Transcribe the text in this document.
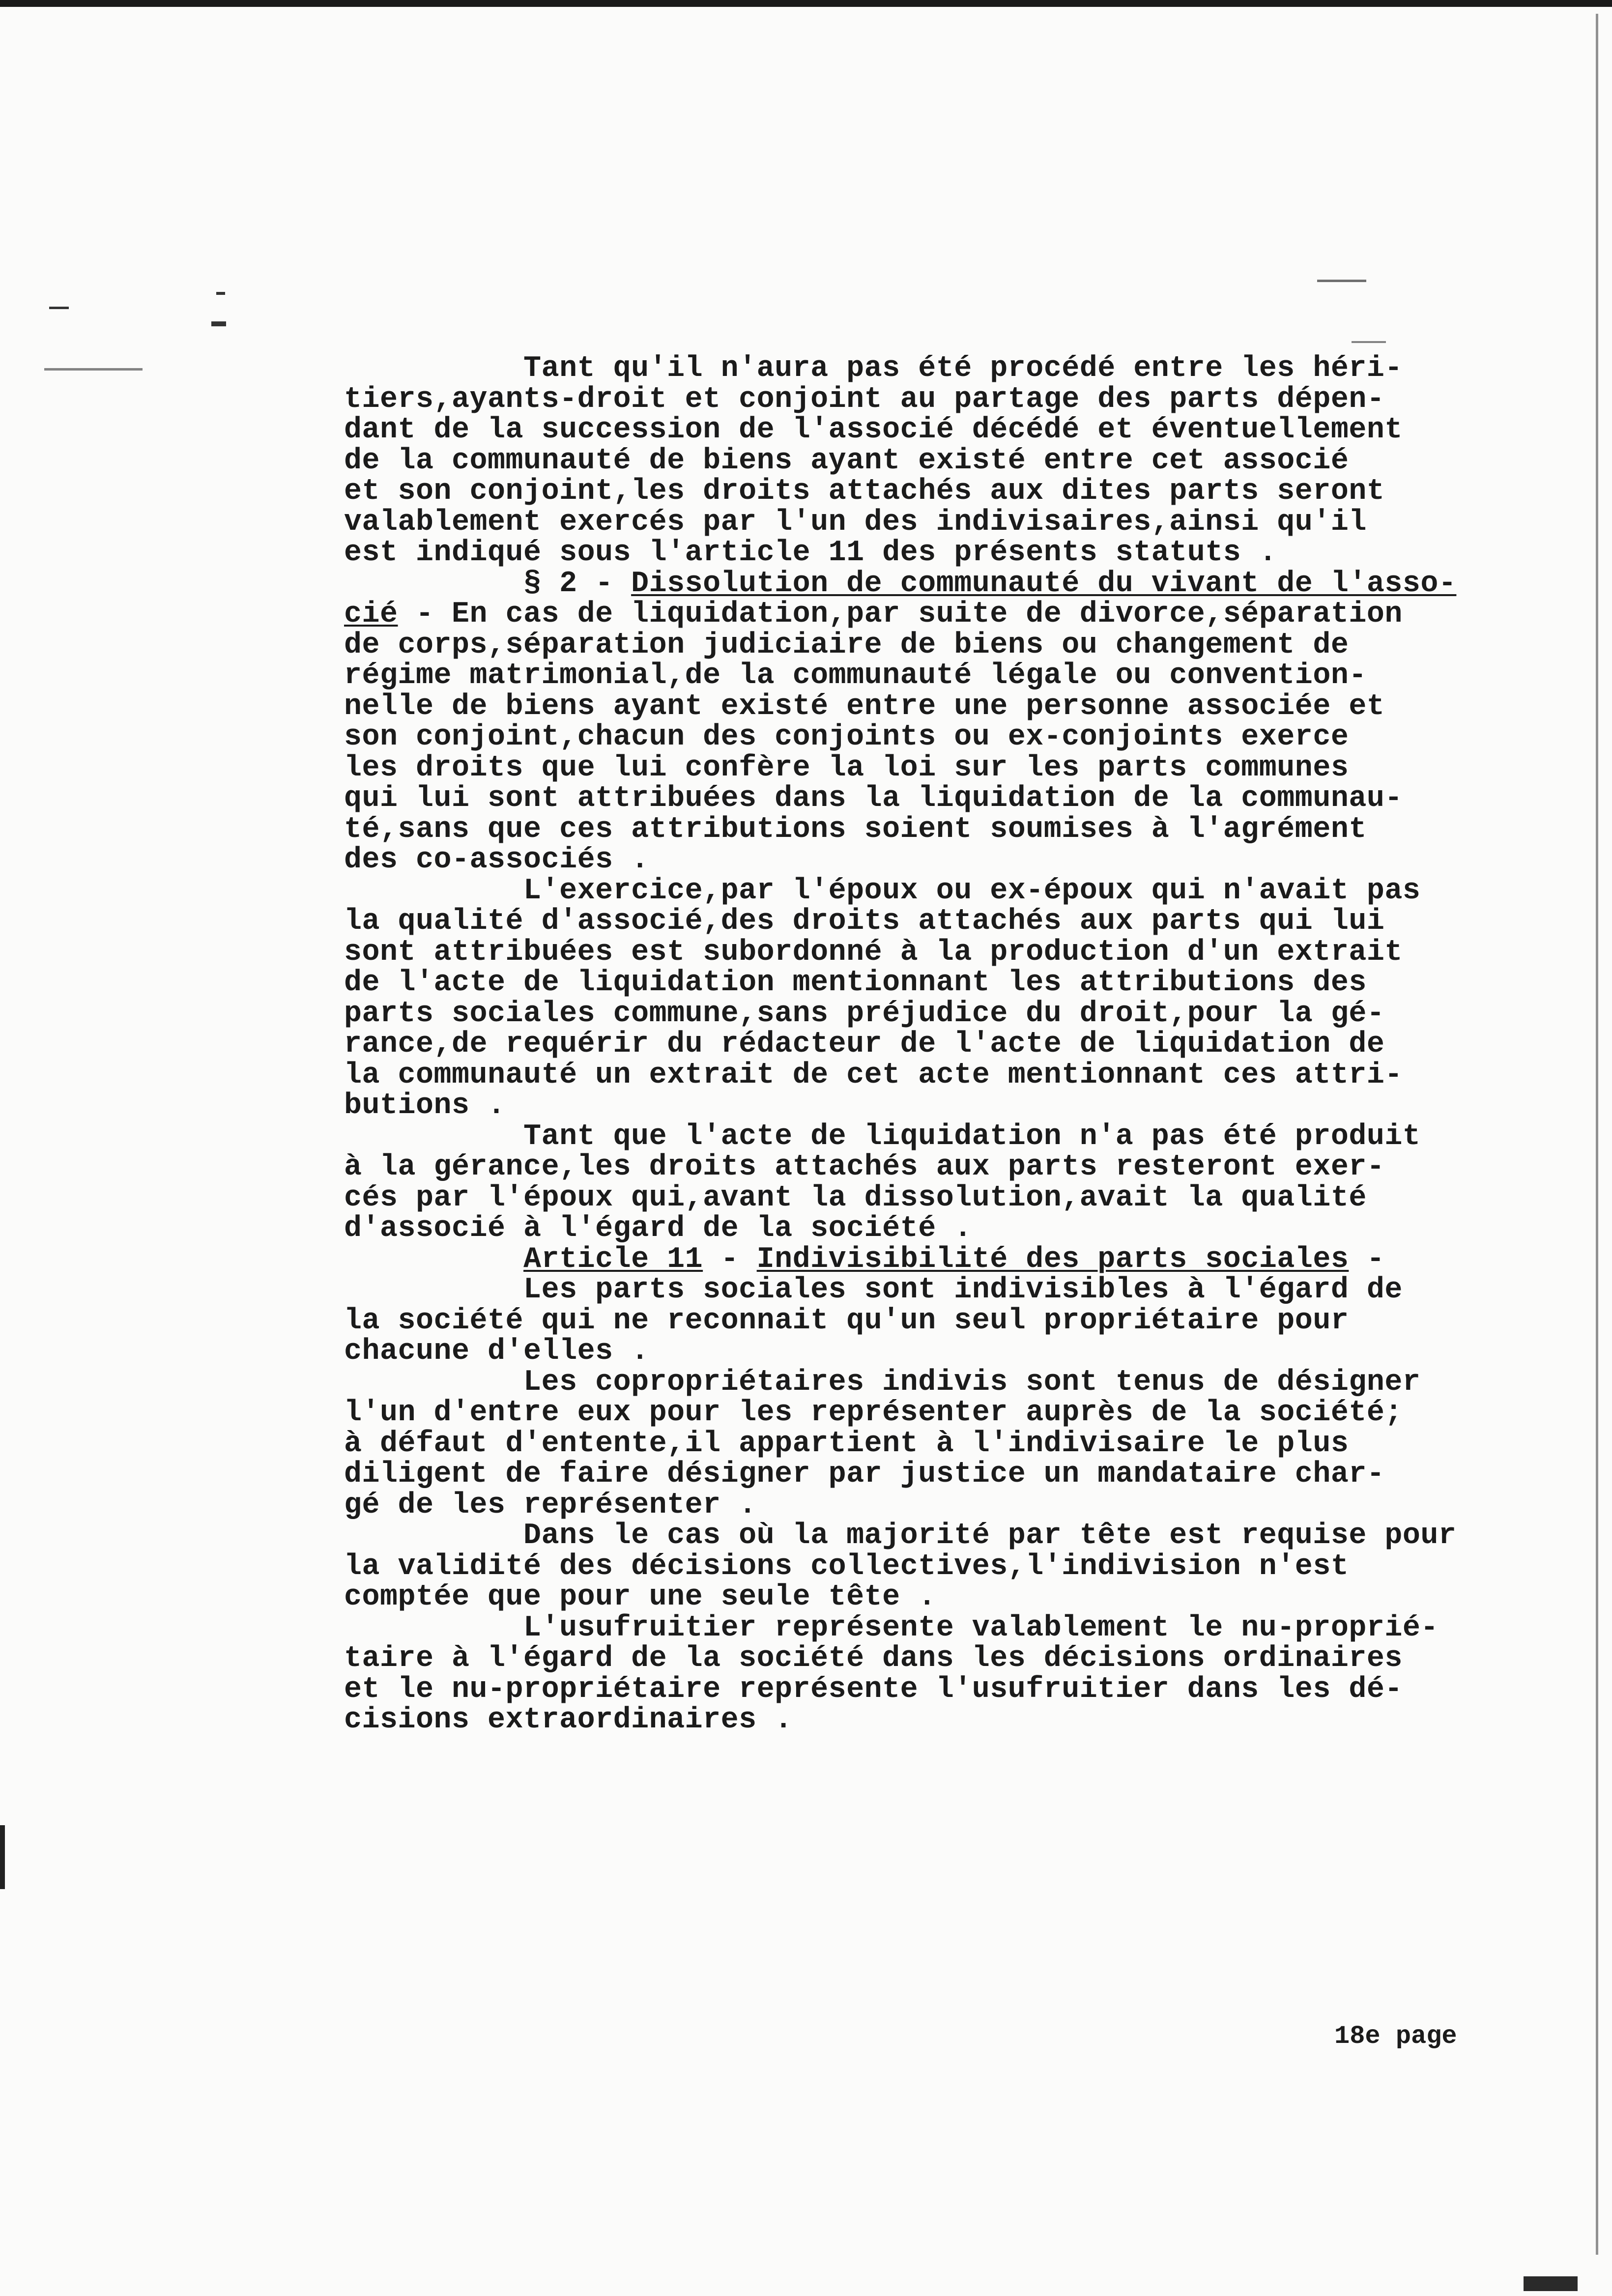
Tant qu'il n'aura pas été procédé entre les héri-
tiers,ayants-droit et conjoint au partage des parts dépen-
dant de la succession de l'associé décédé et éventuellement
de la communauté de biens ayant existé entre cet associé
et son conjoint,les droits attachés aux dites parts seront
valablement exercés par l'un des indivisaires,ainsi qu'il
est indiqué sous l'article 11 des présents statuts .
§ 2 - Dissolution de communauté du vivant de l'asso-
cié - En cas de liquidation,par suite de divorce,séparation
de corps,séparation judiciaire de biens ou changement de
régime matrimonial,de la communauté légale ou convention-
nelle de biens ayant existé entre une personne associée et
son conjoint,chacun des conjoints ou ex-conjoints exerce
les droits que lui confère la loi sur les parts communes
qui lui sont attribuées dans la liquidation de la communau-
té,sans que ces attributions soient soumises à l'agrément
des co-associés .
L'exercice,par l'époux ou ex-époux qui n'avait pas
la qualité d'associé,des droits attachés aux parts qui lui
sont attribuées est subordonné à la production d'un extrait
de l'acte de liquidation mentionnant les attributions des
parts sociales commune,sans préjudice du droit,pour la gé-
rance,de requérir du rédacteur de l'acte de liquidation de
la communauté un extrait de cet acte mentionnant ces attri-
butions .
Tant que l'acte de liquidation n'a pas été produit
à la gérance,les droits attachés aux parts resteront exer-
cés par l'époux qui,avant la dissolution,avait la qualité
d'associé à l'égard de la société .
Article 11 - Indivisibilité des parts sociales -
Les parts sociales sont indivisibles à l'égard de
la société qui ne reconnait qu'un seul propriétaire pour
chacune d'elles .
Les copropriétaires indivis sont tenus de désigner
l'un d'entre eux pour les représenter auprès de la société;
à défaut d'entente,il appartient à l'indivisaire le plus
diligent de faire désigner par justice un mandataire char-
gé de les représenter .
Dans le cas où la majorité par tête est requise pour
la validité des décisions collectives,l'indivision n'est
comptée que pour une seule tête .
L'usufruitier représente valablement le nu-proprié-
taire à l'égard de la société dans les décisions ordinaires
et le nu-propriétaire représente l'usufruitier dans les dé-
cisions extraordinaires .
18e page
